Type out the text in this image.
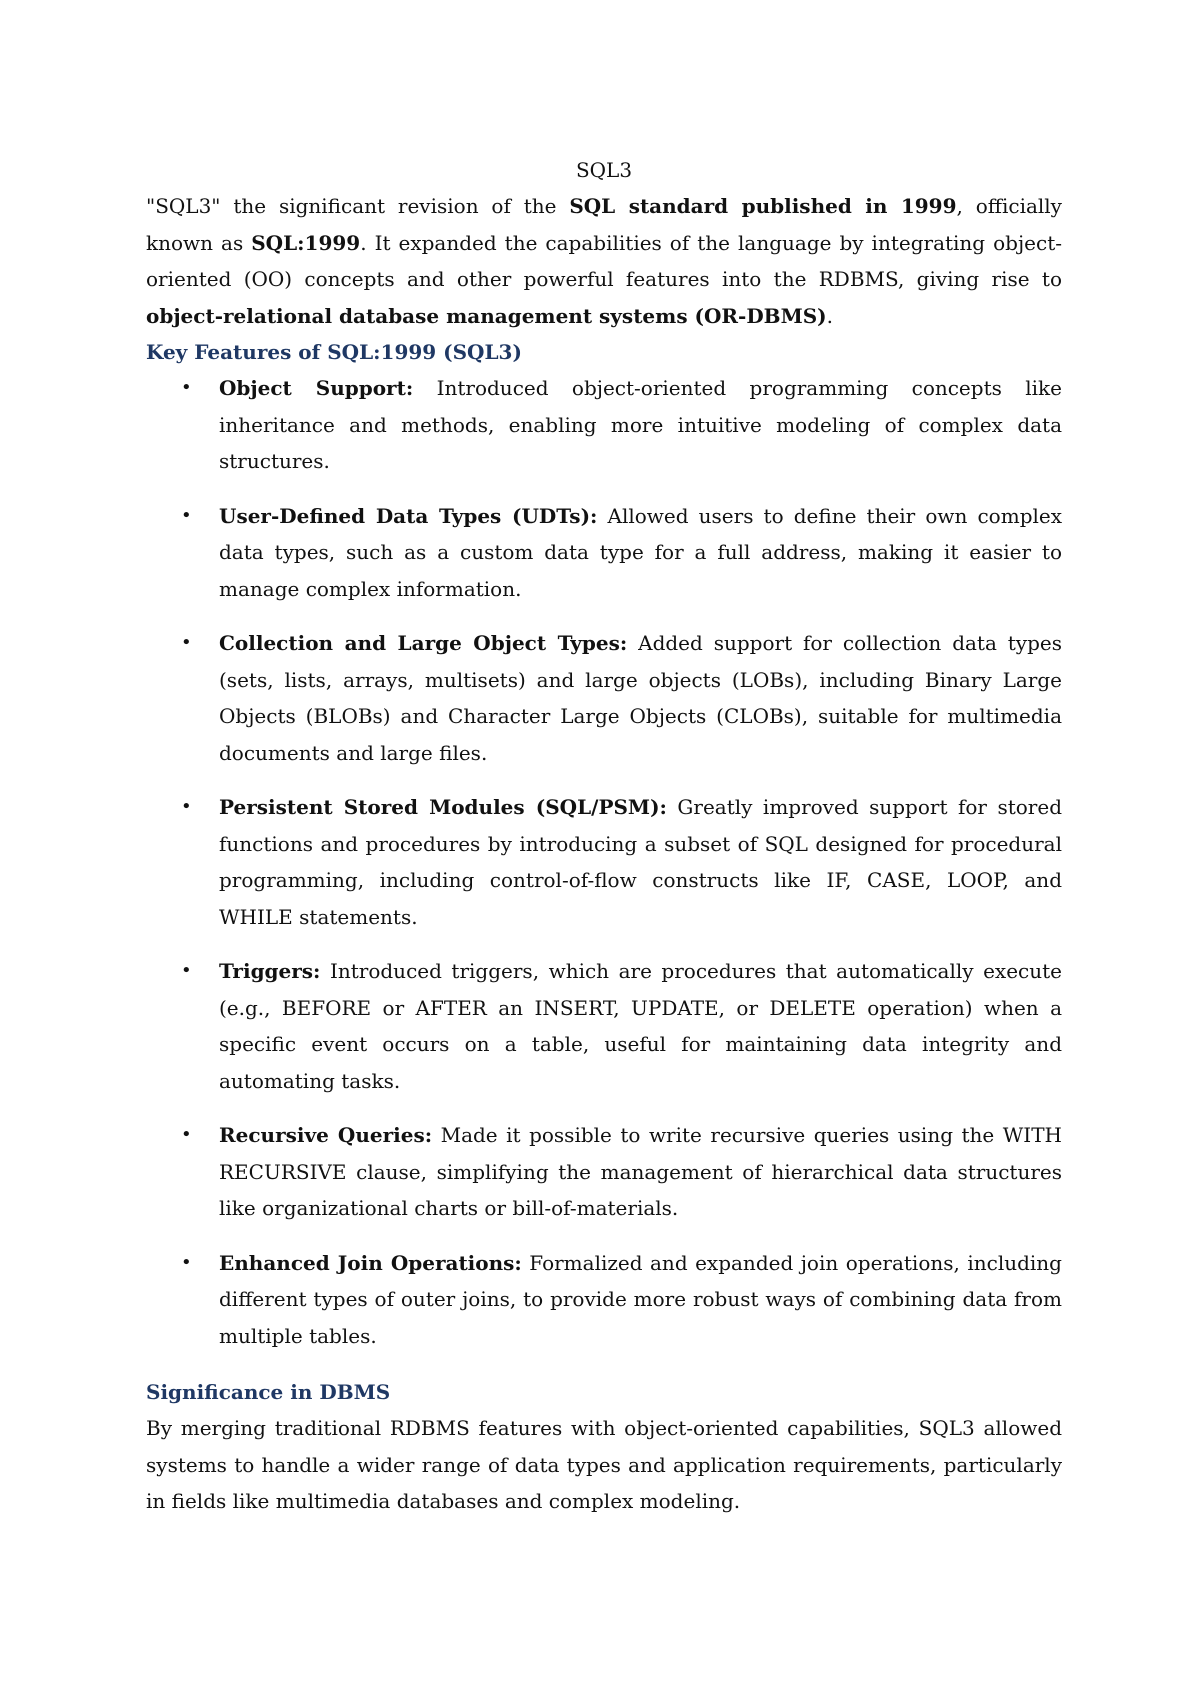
SQL3

"SQL3" the significant revision of the SQL standard published in 1999, officially known as SQL:1999. It expanded the capabilities of the language by integrating object-oriented (OO) concepts and other powerful features into the RDBMS, giving rise to object-relational database management systems (OR-DBMS).

Key Features of SQL:1999 (SQL3)
• Object Support: Introduced object-oriented programming concepts like inheritance and methods, enabling more intuitive modeling of complex data structures.
• User-Defined Data Types (UDTs): Allowed users to define their own complex data types, such as a custom data type for a full address, making it easier to manage complex information.
• Collection and Large Object Types: Added support for collection data types (sets, lists, arrays, multisets) and large objects (LOBs), including Binary Large Objects (BLOBs) and Character Large Objects (CLOBs), suitable for multimedia documents and large files.
• Persistent Stored Modules (SQL/PSM): Greatly improved support for stored functions and procedures by introducing a subset of SQL designed for procedural programming, including control-of-flow constructs like IF, CASE, LOOP, and WHILE statements.
• Triggers: Introduced triggers, which are procedures that automatically execute (e.g., BEFORE or AFTER an INSERT, UPDATE, or DELETE operation) when a specific event occurs on a table, useful for maintaining data integrity and automating tasks.
• Recursive Queries: Made it possible to write recursive queries using the WITH RECURSIVE clause, simplifying the management of hierarchical data structures like organizational charts or bill-of-materials.
• Enhanced Join Operations: Formalized and expanded join operations, including different types of outer joins, to provide more robust ways of combining data from multiple tables.
Significance in DBMS

By merging traditional RDBMS features with object-oriented capabilities, SQL3 allowed systems to handle a wider range of data types and application requirements, particularly in fields like multimedia databases and complex modeling.
